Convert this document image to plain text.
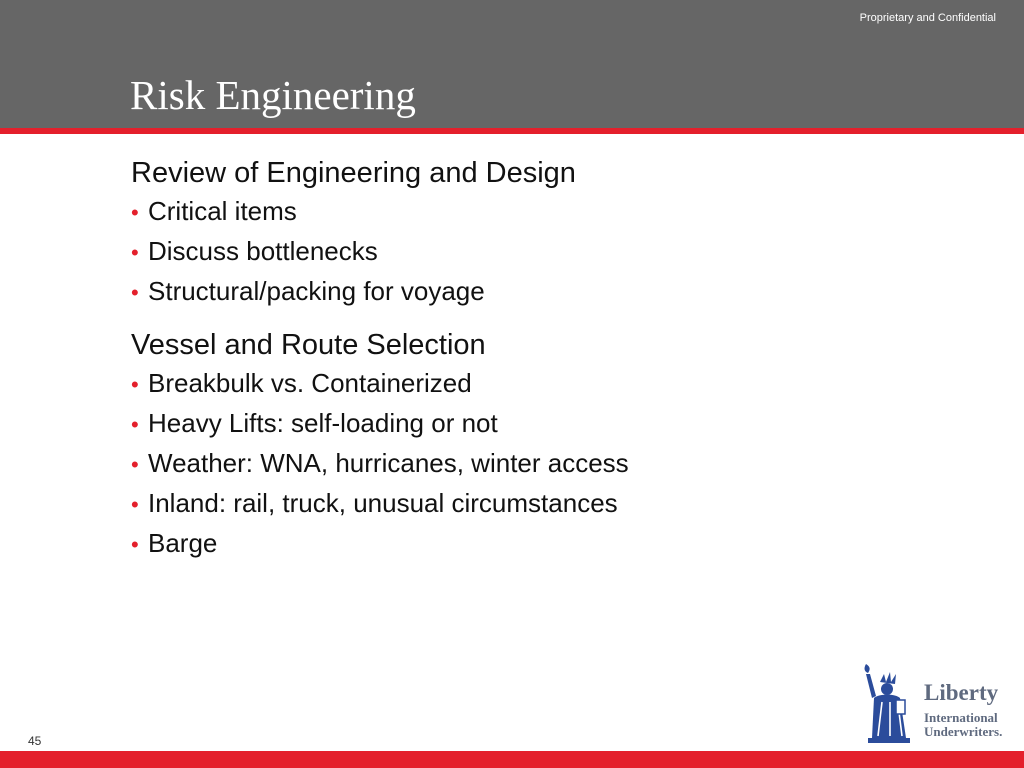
Proprietary and Confidential
Risk Engineering
Review of Engineering and Design
• Critical items
• Discuss bottlenecks
• Structural/packing for voyage
Vessel and Route Selection
• Breakbulk vs. Containerized
• Heavy Lifts: self-loading or not
• Weather: WNA, hurricanes, winter access
• Inland: rail, truck, unusual circumstances
• Barge
Liberty
International
Underwriters.
45
